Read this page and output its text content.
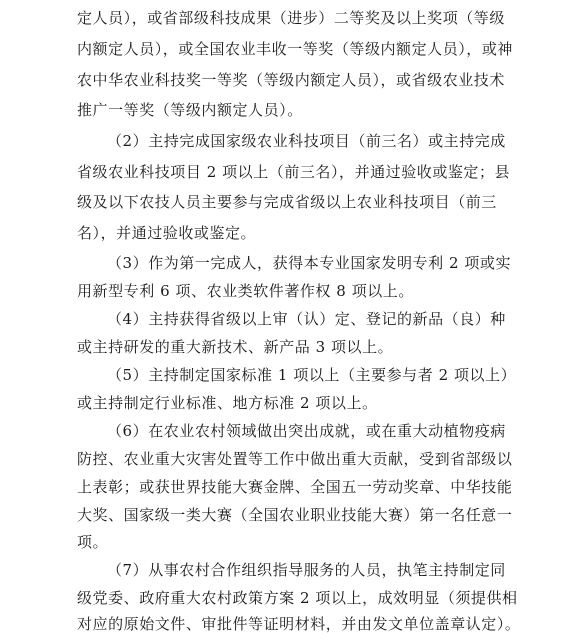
定人员），或省部级科技成果（进步）二等奖及以上奖项（等级
内额定人员），或全国农业丰收一等奖（等级内额定人员），或神
农中华农业科技奖一等奖（等级内额定人员），或省级农业技术
推广一等奖（等级内额定人员）。
（2）主持完成国家级农业科技项目（前三名）或主持完成
省级农业科技项目 2 项以上（前三名），并通过验收或鉴定；县
级及以下农技人员主要参与完成省级以上农业科技项目（前三
名），并通过验收或鉴定。
（3）作为第一完成人，获得本专业国家发明专利 2 项或实
用新型专利 6 项、农业类软件著作权 8 项以上。
（4）主持获得省级以上审（认）定、登记的新品（良）种
或主持研发的重大新技术、新产品 3 项以上。
（5）主持制定国家标准 1 项以上（主要参与者 2 项以上）
或主持制定行业标准、地方标准 2 项以上。
（6）在农业农村领域做出突出成就，或在重大动植物疫病
防控、农业重大灾害处置等工作中做出重大贡献，受到省部级以
上表彰；或获世界技能大赛金牌、全国五一劳动奖章、中华技能
大奖、国家级一类大赛（全国农业职业技能大赛）第一名任意一
项。
（7）从事农村合作组织指导服务的人员，执笔主持制定同
级党委、政府重大农村政策方案 2 项以上，成效明显（须提供相
对应的原始文件、审批件等证明材料，并由发文单位盖章认定）。
